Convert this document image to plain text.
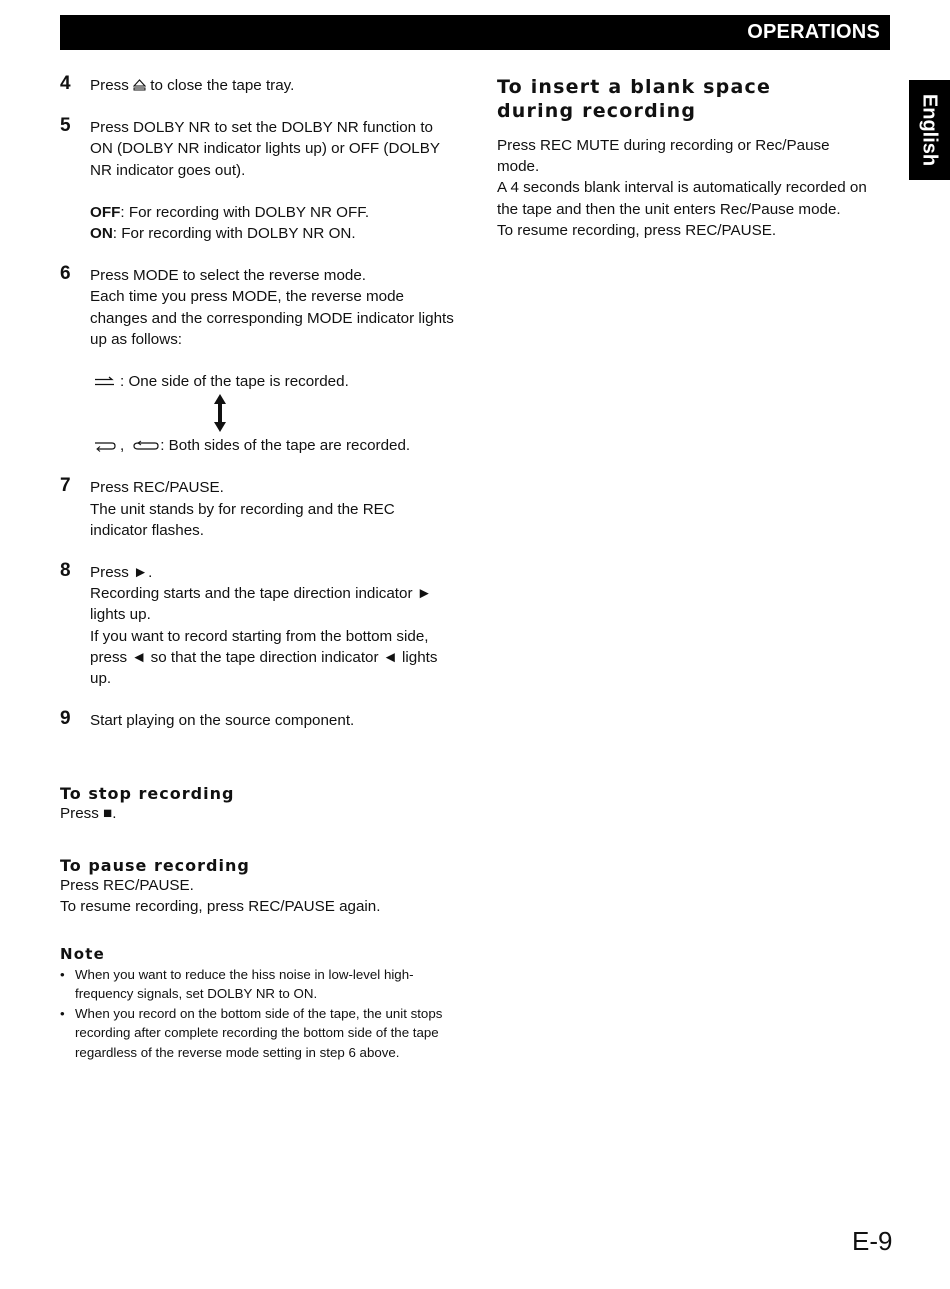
OPERATIONS
English
4 Press  to close the tape tray.
5 Press DOLBY NR to set the DOLBY NR function to ON (DOLBY NR indicator lights up) or OFF (DOLBY NR indicator goes out).
OFF: For recording with DOLBY NR OFF.
ON: For recording with DOLBY NR ON.
6 Press MODE to select the reverse mode.
Each time you press MODE, the reverse mode changes and the corresponding MODE indicator lights up as follows:
: One side of the tape is recorded.
, : Both sides of the tape are recorded.
7 Press REC/PAUSE.
The unit stands by for recording and the REC indicator flashes.
8 Press ►.
Recording starts and the tape direction indicator ► lights up.
If you want to record starting from the bottom side, press ◄ so that the tape direction indicator ◄ lights up.
9 Start playing on the source component.
To stop recording
Press ■.
To pause recording
Press REC/PAUSE.
To resume recording, press REC/PAUSE again.
Note
• When you want to reduce the hiss noise in low-level high-frequency signals, set DOLBY NR to ON.
• When you record on the bottom side of the tape, the unit stops recording after complete recording the bottom side of the tape regardless of the reverse mode setting in step 6 above.
To insert a blank space during recording
Press REC MUTE during recording or Rec/Pause mode.
A 4 seconds blank interval is automatically recorded on the tape and then the unit enters Rec/Pause mode.
To resume recording, press REC/PAUSE.
E-9
